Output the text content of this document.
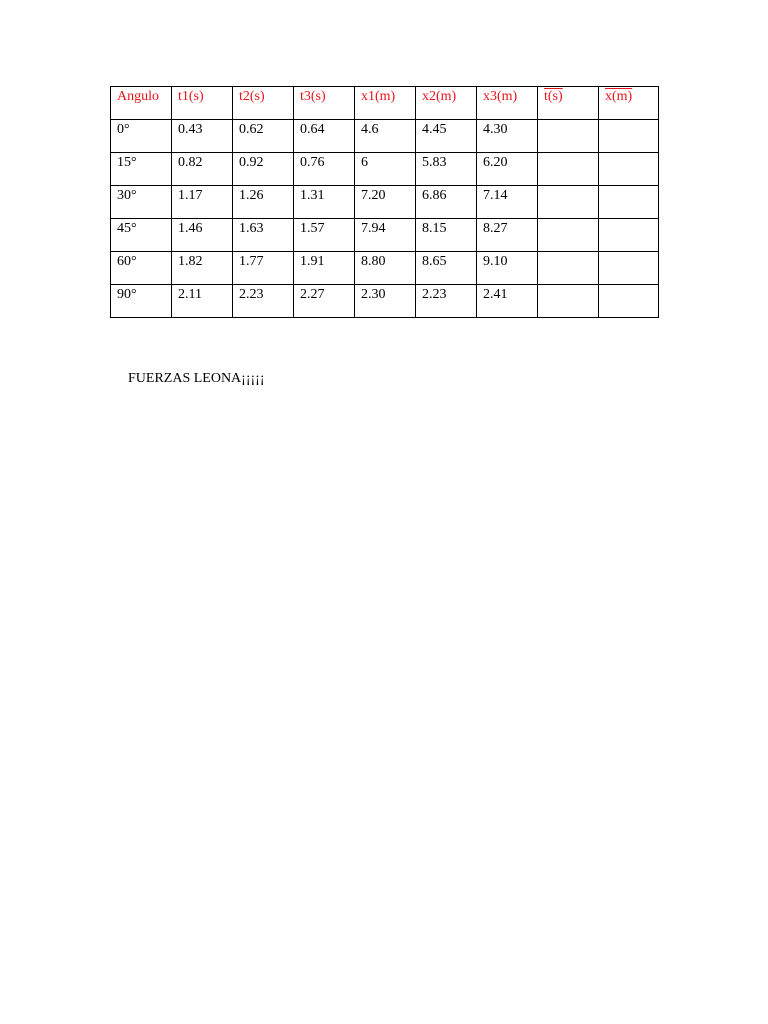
Angulo	t1(s)	t2(s)	t3(s)	x1(m)	x2(m)	x3(m)	t(s)	x(m)
0°	0.43	0.62	0.64	4.6	4.45	4.30		
15°	0.82	0.92	0.76	6	5.83	6.20		
30°	1.17	1.26	1.31	7.20	6.86	7.14		
45°	1.46	1.63	1.57	7.94	8.15	8.27		
60°	1.82	1.77	1.91	8.80	8.65	9.10		
90°	2.11	2.23	2.27	2.30	2.23	2.41		
FUERZAS LEONA¡¡¡¡¡
